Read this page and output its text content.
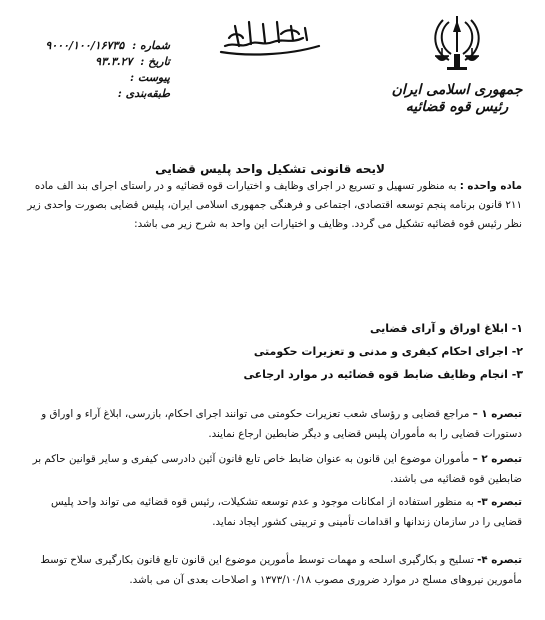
جمهوری اسلامی ایران
رئیس قوه قضائیه
شماره : ۹۰۰۰/۱۰۰/۱۶۷۳۵
تاریخ : ۹۳.۳.۲۷
پیوست :
طبقه‌بندی :
لایحه قانونی تشکیل واحد پلیس قضایی
ماده واحده : به منظور تسهیل و تسریع در اجرای وظایف و اختیارات قوه قضائیه و در راستای اجرای بند الف ماده ۲۱۱ قانون برنامه پنجم توسعه اقتصادی، اجتماعی و فرهنگی جمهوری اسلامی ایران، پلیس قضایی بصورت واحدی زیر نظر رئیس قوه قضائیه تشکیل می گردد. وظایف و اختیارات این واحد به شرح زیر می باشد:
۱- ابلاغ اوراق و آرای قضایی
۲- اجرای احکام کیفری و مدنی و تعزیرات حکومتی
۳- انجام وظایف ضابط قوه قضائیه در موارد ارجاعی
تبصره ۱ – مراجع قضایی و رؤسای شعب تعزیرات حکومتی می توانند اجرای احکام، بازرسی، ابلاغ آراء و اوراق و دستورات قضایی را به مأموران پلیس قضایی و دیگر ضابطین ارجاع نمایند.
تبصره ۲ – مأموران موضوع این قانون به عنوان ضابط خاص تابع قانون آئین دادرسی کیفری و سایر قوانین حاکم بر ضابطین قوه قضائیه می باشند.
تبصره ۳- به منظور استفاده از امکانات موجود و عدم توسعه تشکیلات، رئیس قوه قضائیه می تواند واحد پلیس قضایی را در سازمان زندانها و اقدامات تأمینی و تربیتی کشور ایجاد نماید.
تبصره ۴- تسلیح و بکارگیری اسلحه و مهمات توسط مأمورین موضوع این قانون تابع قانون بکارگیری سلاح توسط مأمورین نیروهای مسلح در موارد ضروری مصوب ۱۳۷۳/۱۰/۱۸ و اصلاحات بعدی آن می باشد.
